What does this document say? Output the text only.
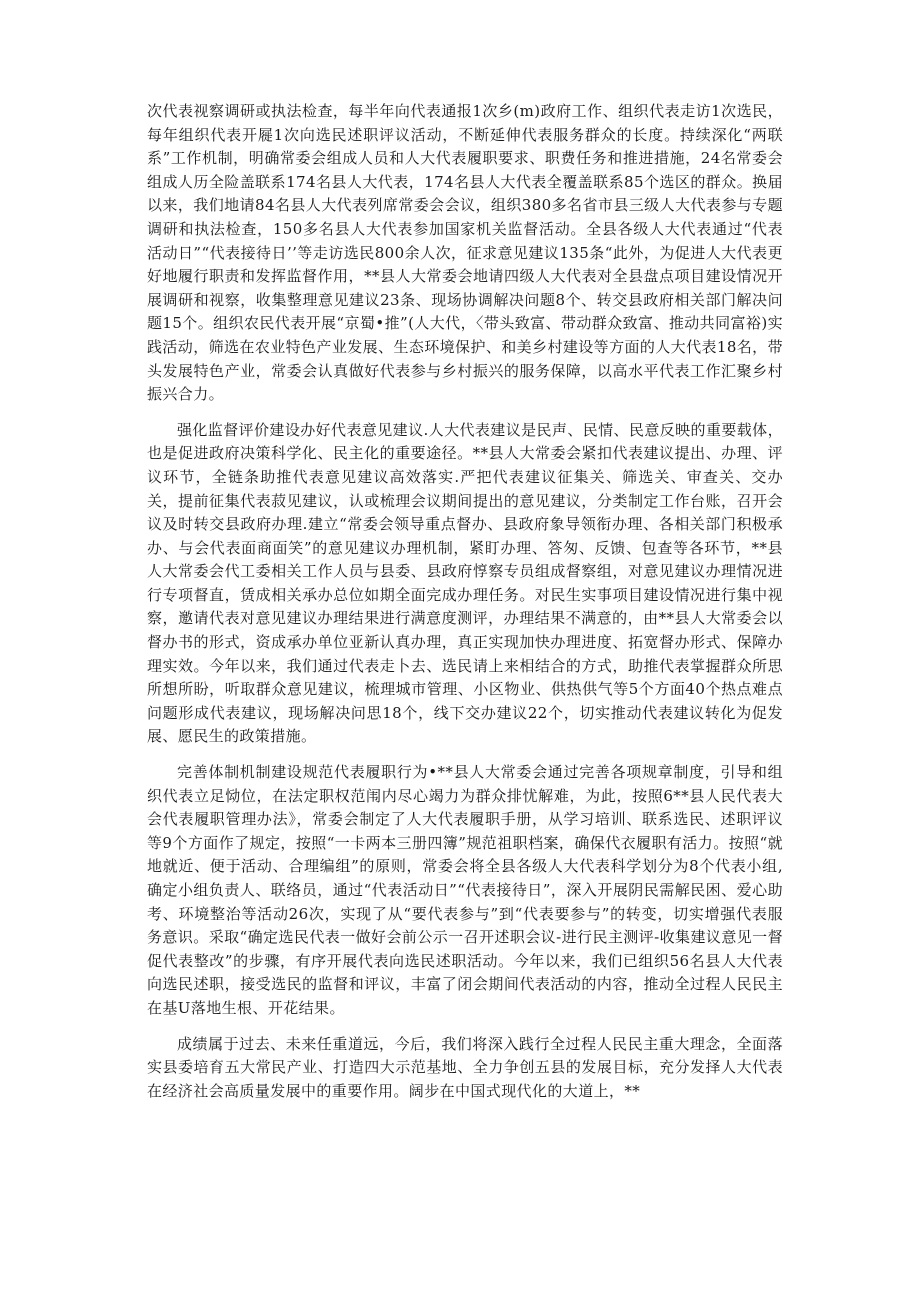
次代表视察调研或执法检查，每半年向代表通报1次乡(m)政府工作、组织代表走访1次选民，每年组织代表开屣1次向选民述职评议活动，不断延伸代表服务群众的长度。持续深化“两联系”工作机制，明确常委会组成人员和人大代表履职要求、职费任务和推进措施，24名常委会组成人历全险盖联系174名县人大代表，174名县人大代表全覆盖联系85个选区的群众。换届以来，我们地请84名县人大代表列席常委会会议，组织380多名省市县三级人大代表参与专题调研和执法检查，150多名县人大代表参加国家机关监督活动。全县各级人大代表通过“代表活动日”“代表接待日’’等走访选民800余人次，征求意见建议135条“此外，为促进人大代表更好地履行职责和发挥监督作用，**县人大常委会地请四级人大代表对全县盘点项目建设情况开展调研和视察，收集整理意见建议23条、现场协调解决问题8个、转交县政府相关部门解决问题15个。组织农民代表开展“京蜀•推”(人大代，〈带头致富、带动群众致富、推动共同富裕)实践活动，筛选在农业特色产业发展、生态环境保护、和美乡村建设等方面的人大代表18名，带头发展特色产业，常委会认真做好代表参与乡村振兴的服务保障，以高水平代表工作汇聚乡村振兴合力。

强化监督评价建设办好代表意见建议.人大代表建议是民声、民情、民意反映的重要载体，也是促进政府决策科学化、民主化的重要途径。**县人大常委会紧扣代表建议提出、办理、评议环节，全链条助推代表意见建议高效落实.严把代表建议征集关、筛选关、审查关、交办关，提前征集代表菽见建议，认或梳理会议期间提出的意见建议，分类制定工作台账，召开会议及时转交县政府办理.建立“常委会领导重点督办、县政府象导领衔办理、各相关部门积极承办、与会代表面商面笑”的意见建议办理机制，紧盯办理、答匆、反馈、包查等各环节，**县人大常委会代工委相关工作人员与县委、县政府惇察专员组成督察组，对意见建议办理情况进行专项督直，赁成相关承办总位如期全面完成办理任务。对民生实事项目建设情况进行集中视察，邀请代表对意见建议办理结果进行满意度测评，办理结果不满意的，由**县人大常委会以督办书的形式，资成承办单位亚新认真办理，真正实现加快办理进度、拓宽督办形式、保障办理实效。今年以来，我们通过代表走卜去、选民请上来相结合的方式，助推代表掌握群众所思所想所盼，听取群众意见建议，梳理城市管理、小区物业、供热供气等5个方面40个热点难点问题形成代表建议，现场解决问思18个，线下交办建议22个，切实推动代表建议转化为促发展、愿民生的政策措施。

完善体制机制建设规范代表履职行为•**县人大常委会通过完善各项规章制度，引导和组织代表立足恸位，在法定职权范闱内尽心竭力为群众排忧解难，为此，按照6**县人民代表大会代表履职管理办法》，常委会制定了人大代表履职手册，从学习培训、联系选民、述职评议等9个方面作了规定，按照“一卡两本三册四簿”规范祖职档案，确保代衣履职有活力。按照“就地就近、便于活动、合理编组”的原则，常委会将全县各级人大代表科学划分为8个代表小组,确定小组负责人、联络员，通过“代表活动日”“代表接待日”，深入开展阴民需解民困、爱心助考、环境整治等活动26次，实现了从“要代表参与”到“代表要参与”的转变，切实增强代表服务意识。采取“确定选民代表一做好会前公示一召开述职会议-进行民主测评-收集建议意见一督促代表整改”的步骤，有序开展代表向选民述职活动。今年以来，我们已组织56名县人大代表向选民述职，接受选民的监督和评议，丰富了闭会期间代表活动的内容，推动全过程人民民主在基U落地生根、开花结果。

成绩属于过去、未来任重道远，今后，我们将深入践行全过程人民民主重大理念，全面落实县委培育五大常民产业、打造四大示范基地、全力争创五县的发展目标，充分发择人大代表在经济社会高质量发展中的重要作用。阔步在中国式现代化的大道上，**
